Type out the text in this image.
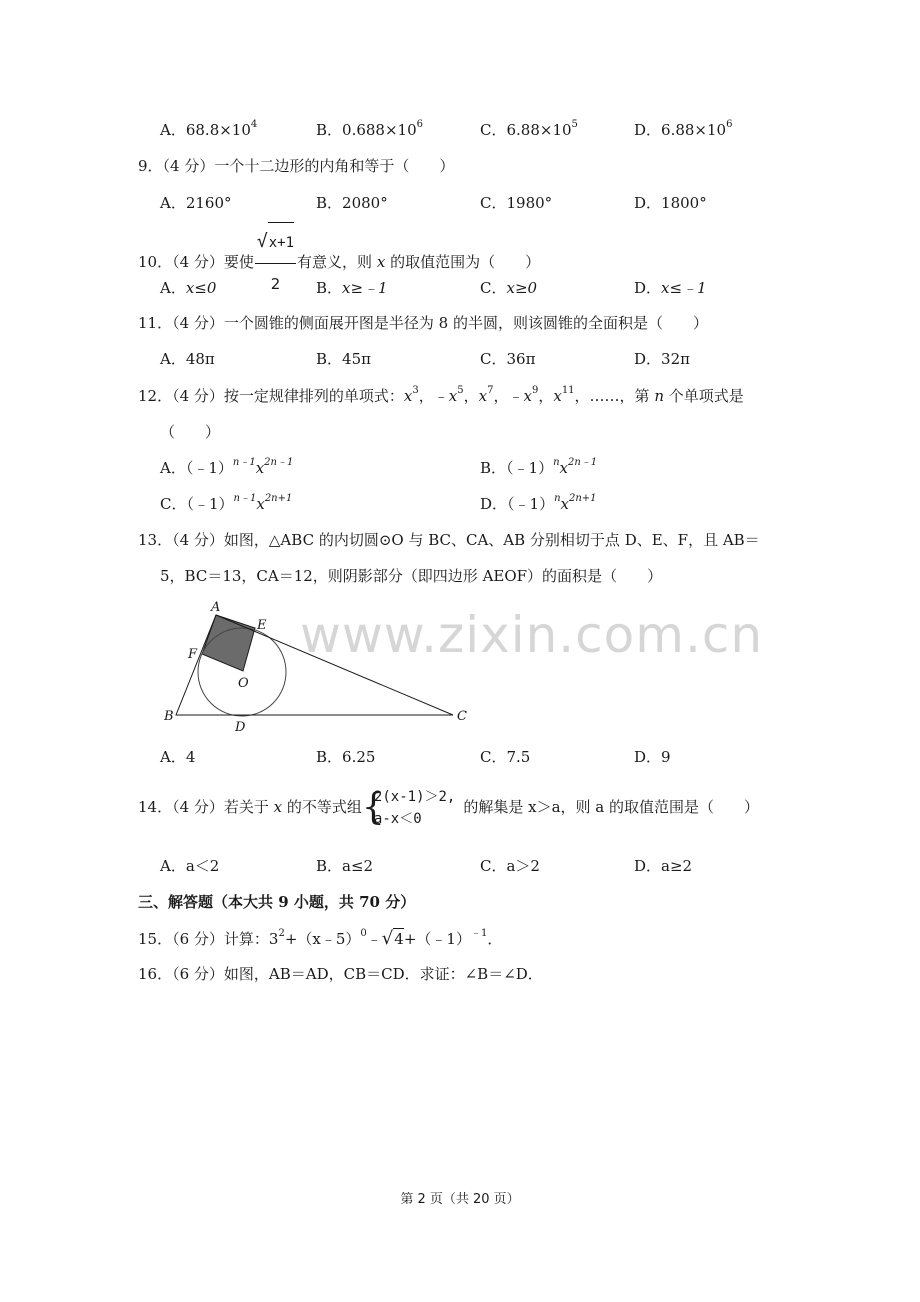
A．$68.8\times 10^4$	B．$0.688\times 10^6$	C．$6.88\times 10^5$	D．$6.88\times 10^6$
9．（4 分）一个十二边形的内角和等于（　　）
A．2160°	B．2080°	C．1980°	D．1800°
10．（4 分）要使 $\frac{√x+1}{2}$ 有意义，则 x 的取值范围为（　　）
A．x≤0	B．x≥﹣1	C．x≥0	D．x≤﹣1
11．（4 分）一个圆锥的侧面展开图是半径为 8 的半圆，则该圆锥的全面积是（　　）
A．48π	B．45π	C．36π	D．32π
12．（4 分）按一定规律排列的单项式：$x^3$，$﹣x^5$，$x^7$，$﹣x^9$，$x^{11}$，……，第 n 个单项式是
（　　）
A．$(﹣1)^{n﹣1}x^{2n﹣1}$	B．$(﹣1)^nx^{2n﹣1}$
C．$(﹣1)^{n﹣1}x^{2n+1}$	D．$(﹣1)^nx^{2n+1}$
13．（4 分）如图，△ABC 的内切圆⊙O 与 BC、CA、AB 分别相切于点 D、E、F，且 AB＝
5，BC＝13，CA＝12，则阴影部分（即四边形 AEOF）的面积是（　　）
www.zixin.com.cn
A
E
F
O
B
D
C
A．4	B．6.25	C．7.5	D．9
14．（4 分）若关于 x 的不等式组 {
2(x-1)＞2,
a-x＜0
的解集是 x＞a，则 a 的取值范围是（　　）
A．a＜2	B．a≤2	C．a＞2	D．a≥2
三、解答题（本大共 9 小题，共 70 分）
15．（6 分）计算：$3^2+(x﹣5)^0﹣√4+(﹣1)^{﹣1}$．
16．（6 分）如图，AB＝AD，CB＝CD．求证：∠B＝∠D．
第 2 页（共 20 页）
